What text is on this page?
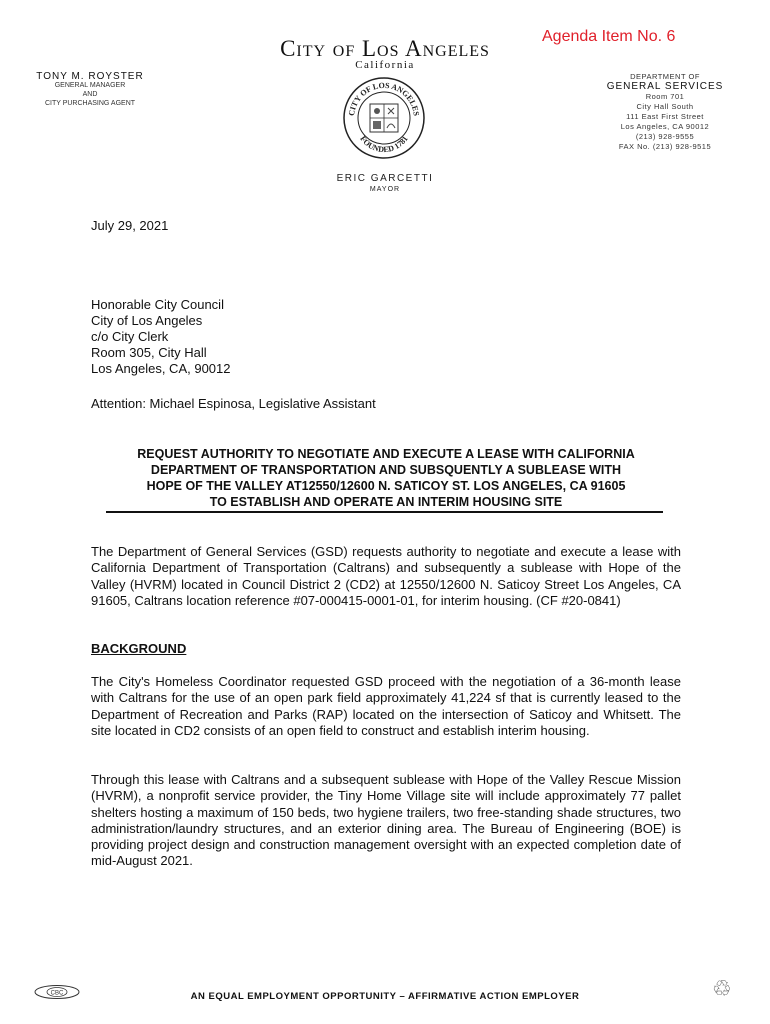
Agenda Item No. 6
City of Los Angeles
California
TONY M. ROYSTER
GENERAL MANAGER
AND
CITY PURCHASING AGENT
DEPARTMENT OF
GENERAL SERVICES
Room 701
City Hall South
111 East First Street
Los Angeles, CA 90012
(213) 928-9555
FAX No. (213) 928-9515
CITY OF LOS ANGELES
FOUNDED 1781
ERIC GARCETTI
MAYOR
July 29, 2021
Honorable City Council
City of Los Angeles
c/o City Clerk
Room 305, City Hall
Los Angeles, CA, 90012
Attention: Michael Espinosa, Legislative Assistant
REQUEST AUTHORITY TO NEGOTIATE AND EXECUTE A LEASE WITH CALIFORNIA
DEPARTMENT OF TRANSPORTATION AND SUBSQUENTLY A SUBLEASE WITH
HOPE OF THE VALLEY AT12550/12600 N. SATICOY ST. LOS ANGELES, CA 91605
TO ESTABLISH AND OPERATE AN INTERIM HOUSING SITE
The Department of General Services (GSD) requests authority to negotiate and execute a lease with California Department of Transportation (Caltrans) and subsequently a sublease with Hope of the Valley (HVRM) located in Council District 2 (CD2) at 12550/12600 N. Saticoy Street Los Angeles, CA 91605, Caltrans location reference #07-000415-0001-01, for interim housing. (CF #20-0841)
BACKGROUND
The City's Homeless Coordinator requested GSD proceed with the negotiation of a 36-month lease with Caltrans for the use of an open park field approximately 41,224 sf that is currently leased to the Department of Recreation and Parks (RAP) located on the intersection of Saticoy and Whitsett. The site located in CD2 consists of an open field to construct and establish interim housing.
Through this lease with Caltrans and a subsequent sublease with Hope of the Valley Rescue Mission (HVRM), a nonprofit service provider, the Tiny Home Village site will include approximately 77 pallet shelters hosting a maximum of 150 beds, two hygiene trailers, two free-standing shade structures, two administration/laundry structures, and an exterior dining area. The Bureau of Engineering (BOE) is providing project design and construction management oversight with an expected completion date of mid-August 2021.
CBC	AN EQUAL EMPLOYMENT OPPORTUNITY – AFFIRMATIVE ACTION EMPLOYER	♲
